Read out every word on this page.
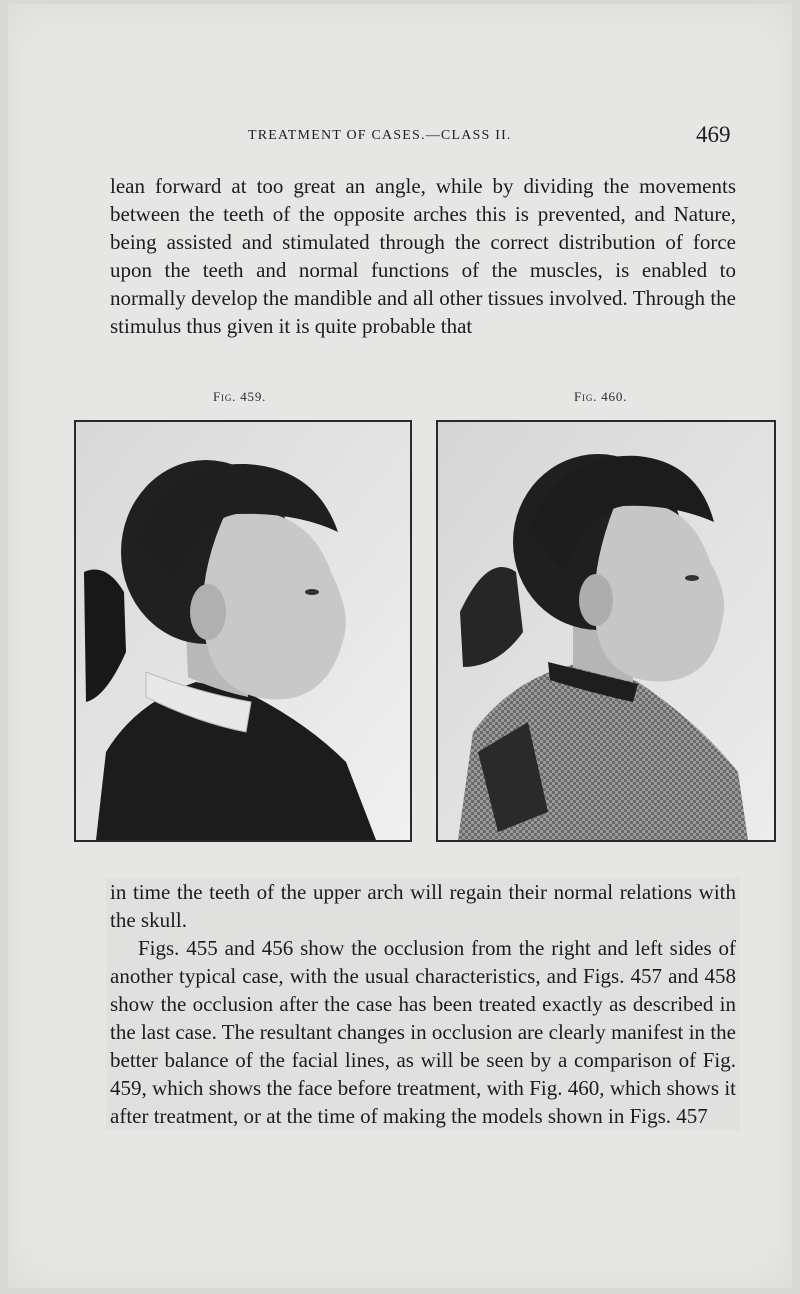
TREATMENT OF CASES.—CLASS II.	469

lean forward at too great an angle, while by dividing the movements between the teeth of the opposite arches this is prevented, and Nature, being assisted and stimulated through the correct distribution of force upon the teeth and normal functions of the muscles, is enabled to normally develop the mandible and all other tissues involved. Through the stimulus thus given it is quite probable that

Fig. 459.	Fig. 460.

in time the teeth of the upper arch will regain their normal relations with the skull.

Figs. 455 and 456 show the occlusion from the right and left sides of another typical case, with the usual characteristics, and Figs. 457 and 458 show the occlusion after the case has been treated exactly as described in the last case. The resultant changes in occlusion are clearly manifest in the better balance of the facial lines, as will be seen by a comparison of Fig. 459, which shows the face before treatment, with Fig. 460, which shows it after treatment, or at the time of making the models shown in Figs. 457
